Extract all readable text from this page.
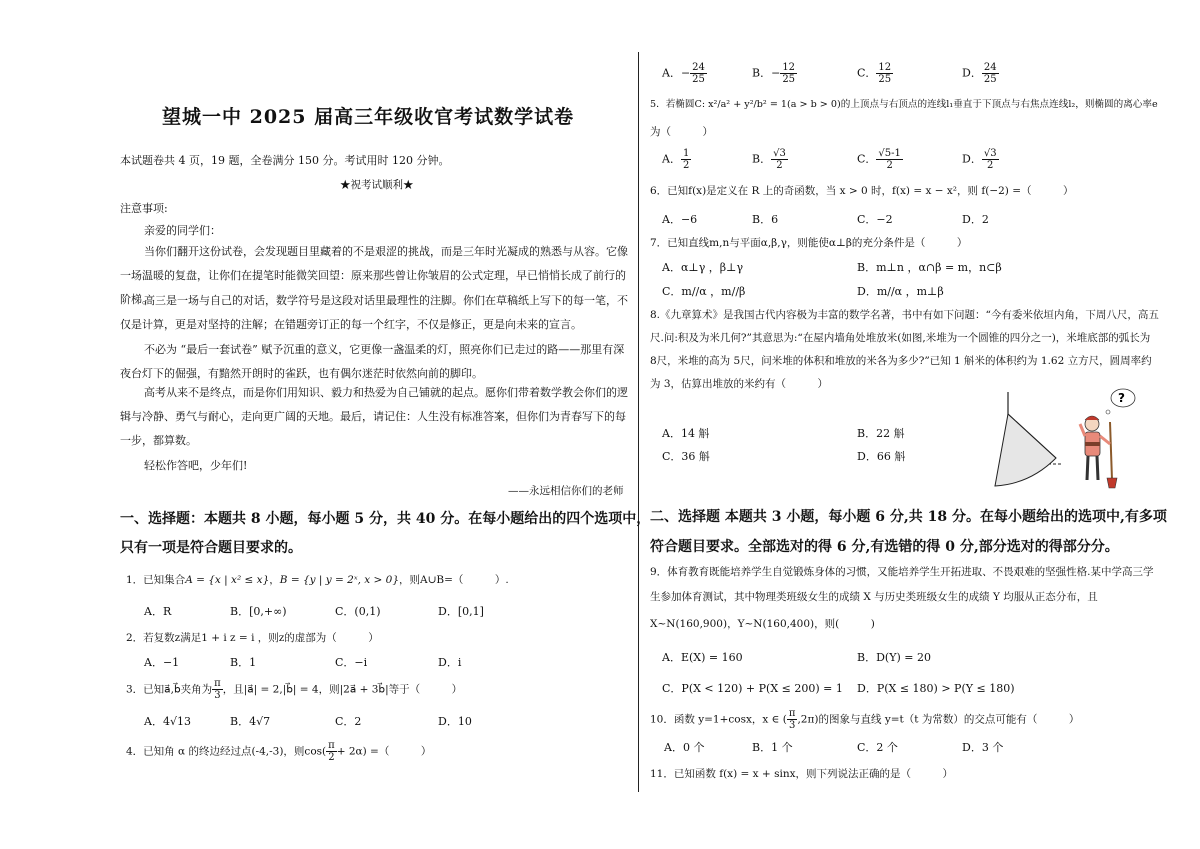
望城一中 2025 届高三年级收官考试数学试卷
本试题卷共 4 页，19 题，全卷满分 150 分。考试用时 120 分钟。
★祝考试顺利★
注意事项:
亲爱的同学们：
当你们翻开这份试卷，会发现题目里藏着的不是艰涩的挑战，而是三年时光凝成的熟悉与从容。它像一场温暖的复盘，让你们在提笔时能微笑回望：原来那些曾让你皱眉的公式定理，早已悄悄长成了前行的阶梯。
高三是一场与自己的对话，数学符号是这段对话里最理性的注脚。你们在草稿纸上写下的每一笔，不仅是计算，更是对坚持的注解；在错题旁订正的每一个红字，不仅是修正，更是向未来的宣言。
不必为 “最后一套试卷” 赋予沉重的意义，它更像一盏温柔的灯，照亮你们已走过的路——那里有深夜台灯下的倔强，有黯然开朗时的雀跃，也有偶尔迷茫时依然向前的脚印。
高考从来不是终点，而是你们用知识、毅力和热爱为自己铺就的起点。愿你们带着数学教会你们的逻辑与冷静、勇气与耐心，走向更广阔的天地。最后，请记住：人生没有标准答案，但你们为青春写下的每一步，都算数。
轻松作答吧，少年们!
——永远相信你们的老师
一、选择题：本题共 8 小题，每小题 5 分，共 40 分。在每小题给出的四个选项中，
只有一项是符合题目要求的。
1．已知集合A = {x | x² ≤ x}，B = {y | y = 2ˣ, x > 0}，则A∪B=（　　　）.
A．R	B．[0,+∞)	C．(0,1)	D．[0,1]
2．若复数z满足1 + i z = i ，则z的虚部为（　　　）
A．−1	B．1	C．−i	D．i
3．已知a⃗,b⃗夹角为 $\frac{\pi}{3}$ ，且|a⃗| = 2,|b⃗| = 4，则|2a⃗ + 3b⃗|等于（　　　）
A．4√13	B．4√7	C．2	D．10
4．已知角 α 的终边经过点(-4,-3)，则$\cos( \frac{\pi}{2} + 2\alpha)$ =（　　　）
A．− $\frac{24}{25}$	B．− $\frac{12}{25}$	C． $\frac{12}{25}$	D． $\frac{24}{25}$
5．若椭圆C: x²/a² + y²/b² = 1(a > b > 0)的上顶点与右顶点的连线l₁垂直于下顶点与右焦点连线l₂，则椭圆的离心率e
为（　　　）
A． $\frac{1}{2}$	B． $\frac{√3}{2}$	C． $\frac{√5-1}{2}$	D． $\frac{√3}{2}$
6．已知f(x)是定义在 R 上的奇函数，当 x > 0 时，f(x) = x − x²，则 f(−2) =（　　　）
A．−6	B．6	C．−2	D．2
7．已知直线m,n与平面α,β,γ，则能使α⊥β的充分条件是（　　　）
A．α⊥γ ，β⊥γ	B．m⊥n ，α∩β = m，n⊂β
C．m//α ，m//β	D．m//α ，m⊥β
8.《九章算术》是我国古代内容极为丰富的数学名著，书中有如下问题：“今有委米依垣内角，下周八尺，高五
尺.问:积及为米几何?”其意思为:“在屋内墙角处堆放米(如图,米堆为一个圆锥的四分之一)，米堆底部的弧长为
8尺，米堆的高为 5尺，问米堆的体积和堆放的米各为多少?”已知 1 斛米的体积约为 1.62 立方尺，圆周率约
为 3，估算出堆放的米约有（　　　）
A．14 斛	B．22 斛
C．36 斛	D．66 斛
?
二、选择题 本题共 3 小题，每小题 6 分,共 18 分。在每小题给出的选项中,有多项
符合题目要求。全部选对的得 6 分,有选错的得 0 分,部分选对的得部分分。
9．体育教育既能培养学生自觉锻炼身体的习惯，又能培养学生开拓进取、不畏艰难的坚强性格.某中学高三学
生参加体育测试，其中物理类班级女生的成绩 X 与历史类班级女生的成绩 Y 均服从正态分布，且
X~N(160,900)，Y~N(160,400)，则(　　　)
A．E(X) = 160	B．D(Y) = 20
C．P(X < 120) + P(X ≤ 200) = 1 D．P(X ≤ 180) > P(Y ≤ 180)
10．函数 y=1+cosx，x ∈ ( $\frac{\pi}{3} ,2\pi$)的图象与直线 y=t（t 为常数）的交点可能有（　　　）
A．0 个	B．1 个	C．2 个	D．3 个
11．已知函数 f(x) = x + sinx，则下列说法正确的是（　　　）
